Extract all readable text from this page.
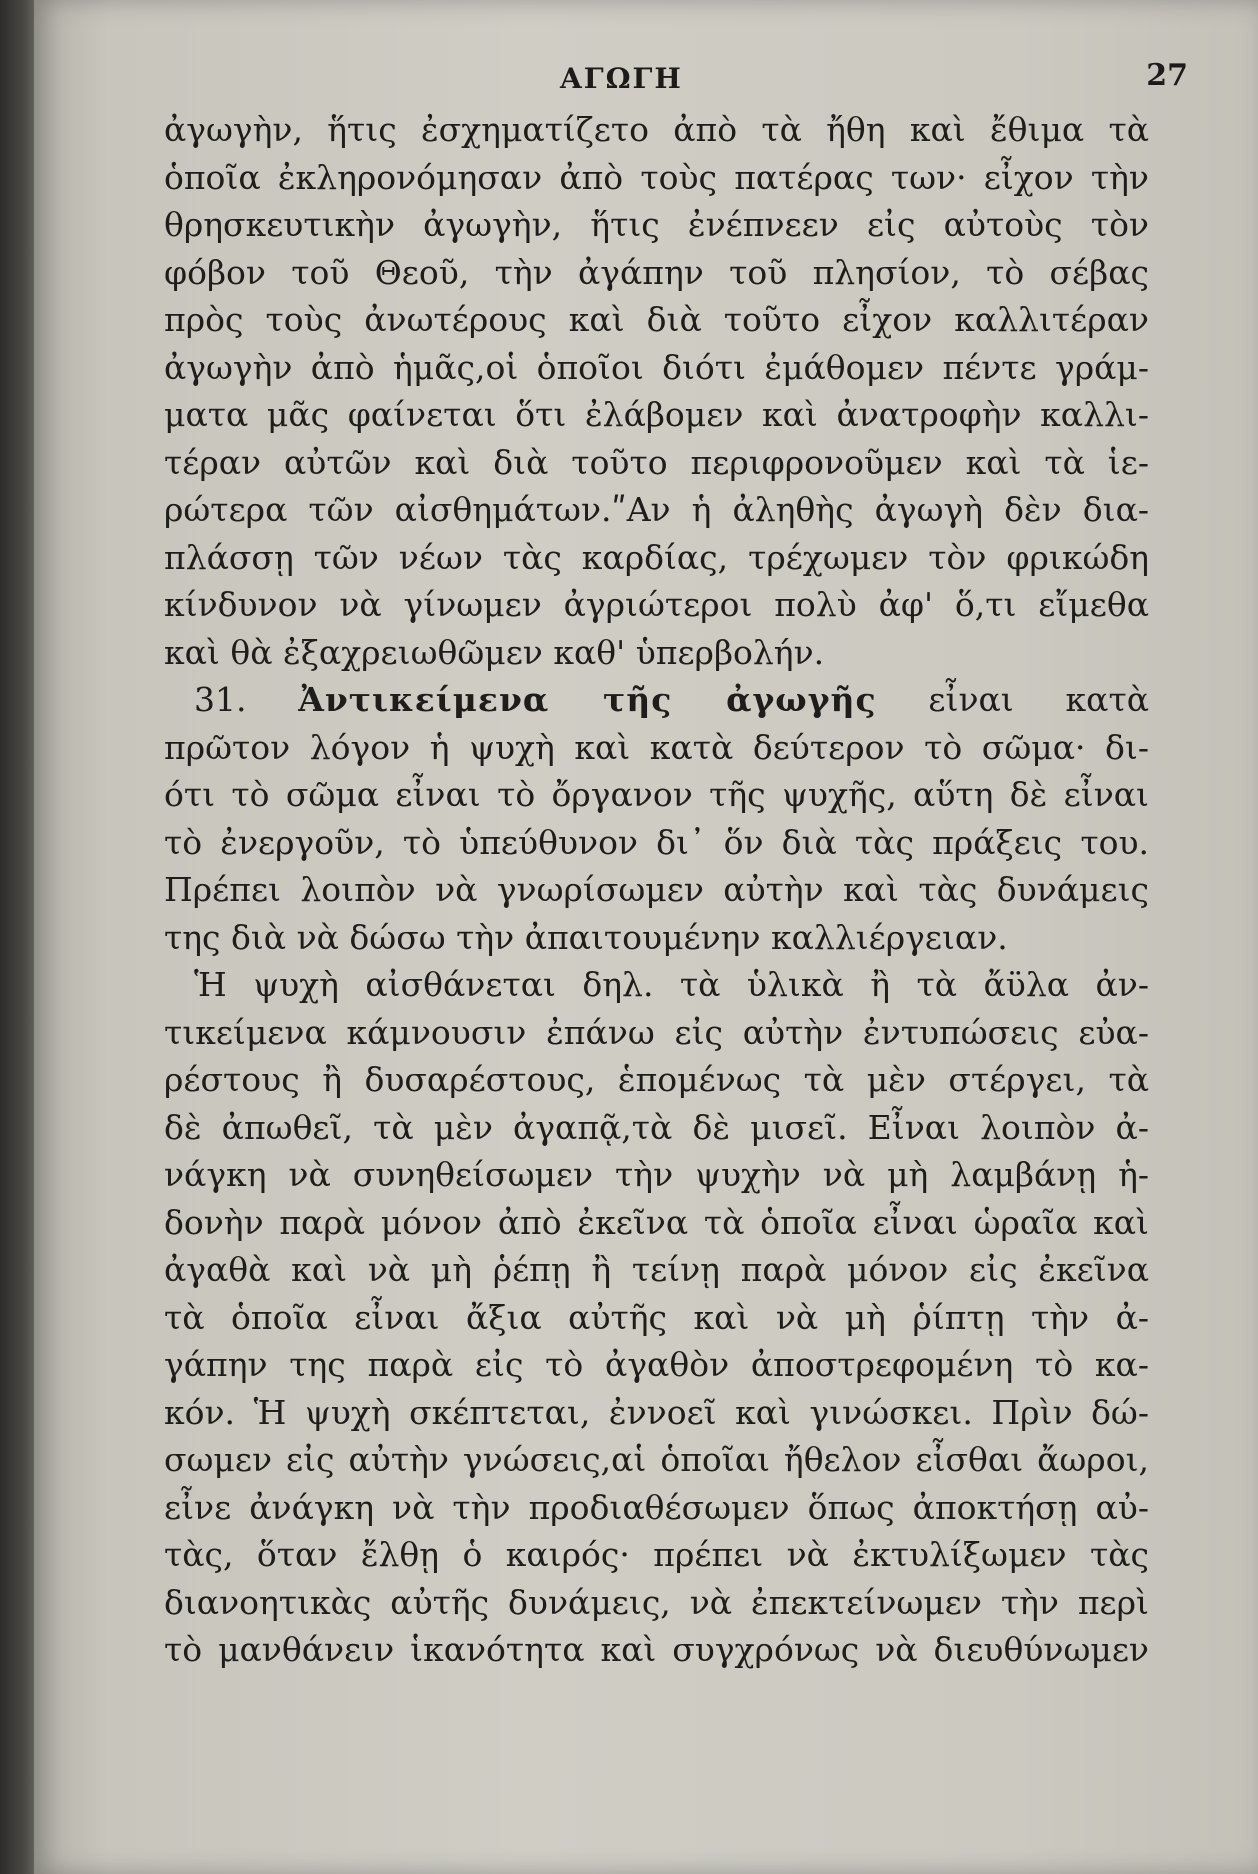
ΑΓΩΓΗ	27
ἀγωγὴν, ἥτις ἐσχηματίζετο ἀπὸ τὰ ἤθη καὶ ἔθιμα τὰ
ὁποῖα ἐκληρονόμησαν ἀπὸ τοὺς πατέρας των· εἶχον τὴν
θρησκευτικὴν ἀγωγὴν, ἥτις ἐνέπνεεν εἰς αὐτοὺς τὸν
φόβον τοῦ Θεοῦ, τὴν ἀγάπην τοῦ πλησίον, τὸ σέβας
πρὸς τοὺς ἀνωτέρους καὶ διὰ τοῦτο εἶχον καλλιτέραν
ἀγωγὴν ἀπὸ ἡμᾶς,οἱ ὁποῖοι διότι ἐμάθομεν πέντε γράμ-
ματα μᾶς φαίνεται ὅτι ἐλάβομεν καὶ ἀνατροφὴν καλλι-
τέραν αὐτῶν καὶ διὰ τοῦτο περιφρονοῦμεν καὶ τὰ ἱε-
ρώτερα τῶν αἰσθημάτων.ʺΑν ἡ ἀληθὴς ἀγωγὴ δὲν δια-
πλάσσῃ τῶν νέων τὰς καρδίας, τρέχωμεν τὸν φρικώδη
κίνδυνον νὰ γίνωμεν ἀγριώτεροι πολὺ ἀφ' ὅ,τι εἴμεθα
καὶ θὰ ἐξαχρειωθῶμεν καθ' ὑπερβολήν.
31. Ἀντικείμενα τῆς ἀγωγῆς εἶναι κατὰ
πρῶτον λόγον ἡ ψυχὴ καὶ κατὰ δεύτερον τὸ σῶμα· δι-
ότι τὸ σῶμα εἶναι τὸ ὄργανον τῆς ψυχῆς, αὕτη δὲ εἶναι
τὸ ἐνεργοῦν, τὸ ὑπεύθυνον δι᾽ ὅν διὰ τὰς πράξεις του.
Πρέπει λοιπὸν νὰ γνωρίσωμεν αὐτὴν καὶ τὰς δυνάμεις
της διὰ νὰ δώσω τὴν ἀπαιτουμένην καλλιέργειαν.
Ἡ ψυχὴ αἰσθάνεται δηλ. τὰ ὑλικὰ ἢ τὰ ἄϋλα ἀν-
τικείμενα κάμνουσιν ἐπάνω εἰς αὐτὴν ἐντυπώσεις εὐα-
ρέστους ἢ δυσαρέστους, ἑπομένως τὰ μὲν στέργει, τὰ
δὲ ἀπωθεῖ, τὰ μὲν ἀγαπᾷ,τὰ δὲ μισεῖ. Εἶναι λοιπὸν ἀ-
νάγκη νὰ συνηθείσωμεν τὴν ψυχὴν νὰ μὴ λαμβάνῃ ἡ-
δονὴν παρὰ μόνον ἀπὸ ἐκεῖνα τὰ ὁποῖα εἶναι ὡραῖα καὶ
ἀγαθὰ καὶ νὰ μὴ ῥέπῃ ἢ τείνῃ παρὰ μόνον εἰς ἐκεῖνα
τὰ ὁποῖα εἶναι ἄξια αὐτῆς καὶ νὰ μὴ ῥίπτῃ τὴν ἀ-
γάπην της παρὰ εἰς τὸ ἀγαθὸν ἀποστρεφομένη τὸ κα-
κόν. Ἡ ψυχὴ σκέπτεται, ἐννοεῖ καὶ γινώσκει. Πρὶν δώ-
σωμεν εἰς αὐτὴν γνώσεις,αἱ ὁποῖαι ἤθελον εἶσθαι ἄωροι,
εἶνε ἀνάγκη νὰ τὴν προδιαθέσωμεν ὅπως ἀποκτήσῃ αὐ-
τὰς, ὅταν ἔλθῃ ὁ καιρός· πρέπει νὰ ἐκτυλίξωμεν τὰς
διανοητικὰς αὐτῆς δυνάμεις, νὰ ἐπεκτείνωμεν τὴν περὶ
τὸ μανθάνειν ἱκανότητα καὶ συγχρόνως νὰ διευθύνωμεν
